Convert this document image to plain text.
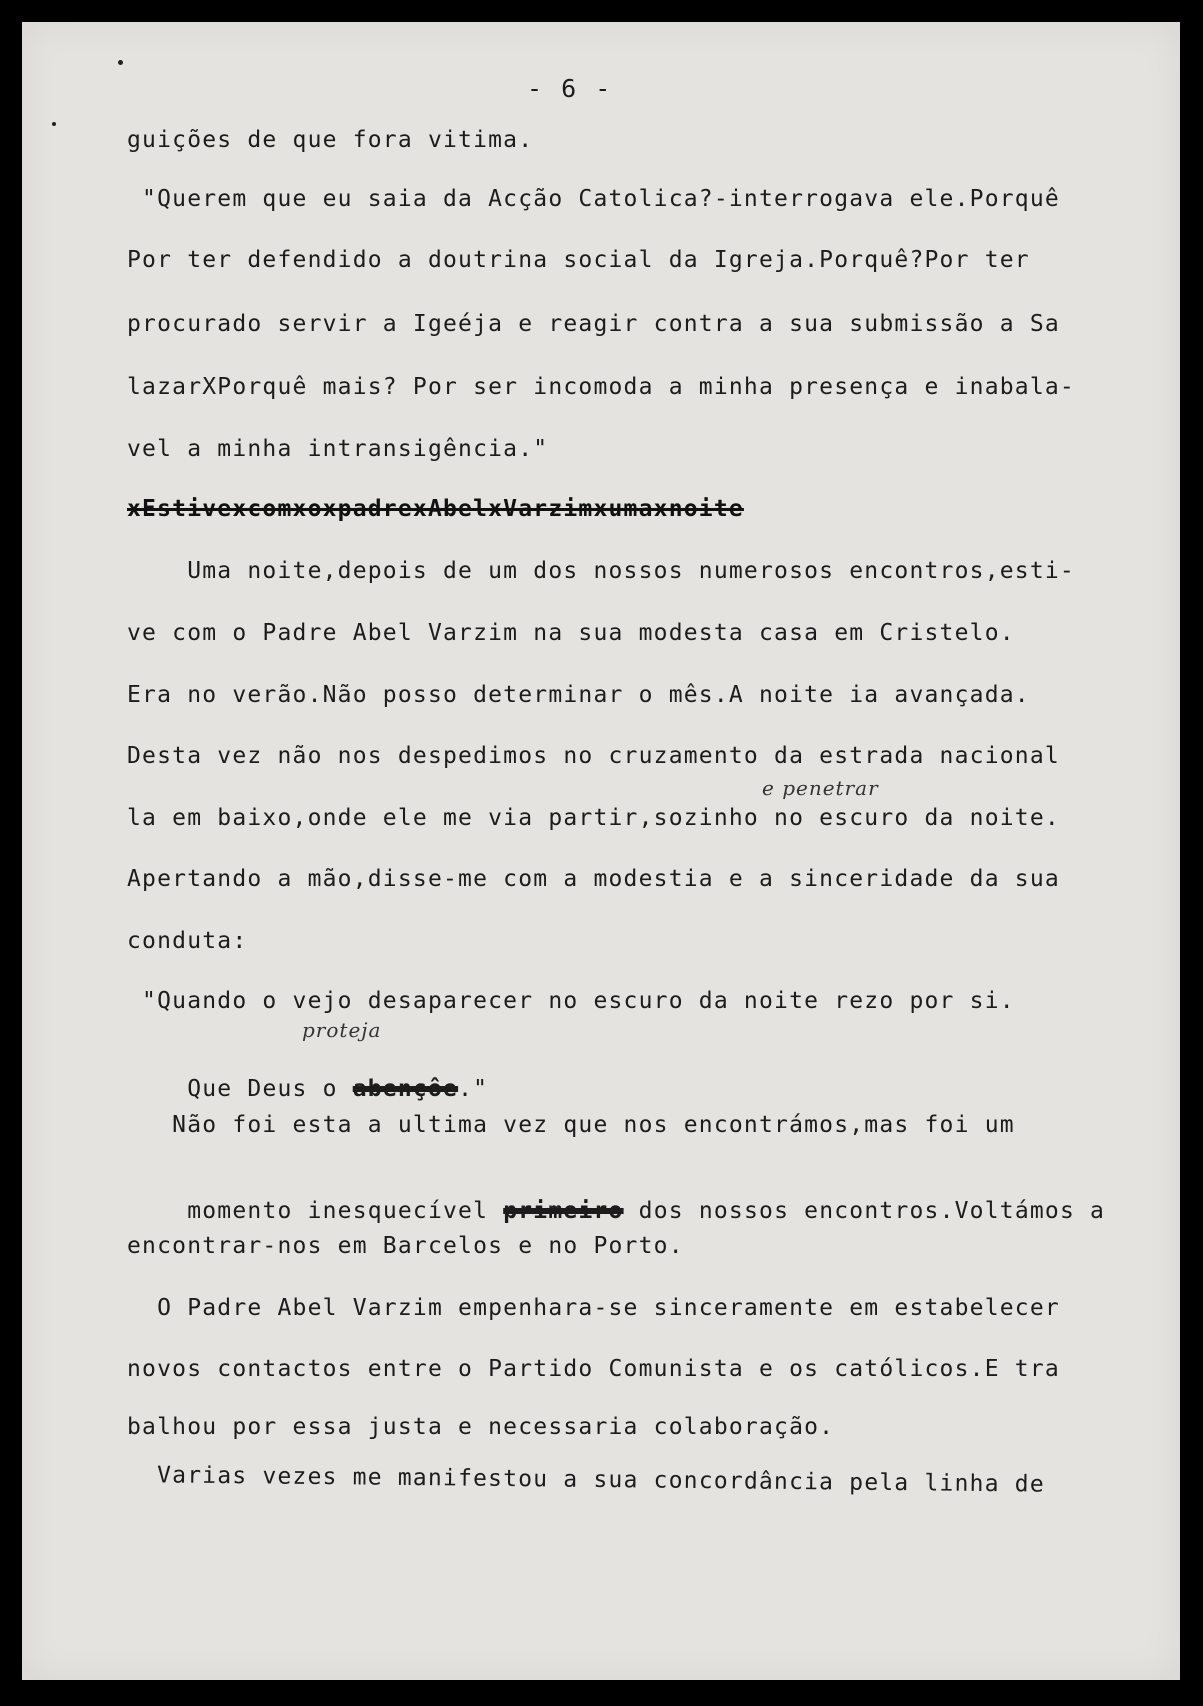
- 6 -
guições de que fora vitima.
"Querem que eu saia da Acção Catolica?-interrogava ele.Porquê
Por ter defendido a doutrina social da Igreja.Porquê?Por ter
procurado servir a Igeéja e reagir contra a sua submissão a Sa
lazarXPorquê mais? Por ser incomoda a minha presença e inabala-
vel a minha intransigência."
xEstivexcomxoxpadrexAbelxVarzimxumaxnoite
Uma noite,depois de um dos nossos numerosos encontros,esti-
ve com o Padre Abel Varzim na sua modesta casa em Cristelo.
Era no verão.Não posso determinar o mês.A noite ia avançada.
Desta vez não nos despedimos no cruzamento da estrada nacional
e penetrar
la em baixo,onde ele me via partir,sozinho no escuro da noite.
Apertando a mão,disse-me com a modestia e a sinceridade da sua
conduta:
"Quando o vejo desaparecer no escuro da noite rezo por si.
proteja

Que Deus o abençôe."

Não foi esta a ultima vez que nos encontrámos,mas foi um

momento inesquecível primeiro dos nossos encontros.Voltámos a

encontrar-nos em Barcelos e no Porto.
O Padre Abel Varzim empenhara-se sinceramente em estabelecer
novos contactos entre o Partido Comunista e os católicos.E tra
balhou por essa justa e necessaria colaboração.
Varias vezes me manifestou a sua concordância pela linha de
